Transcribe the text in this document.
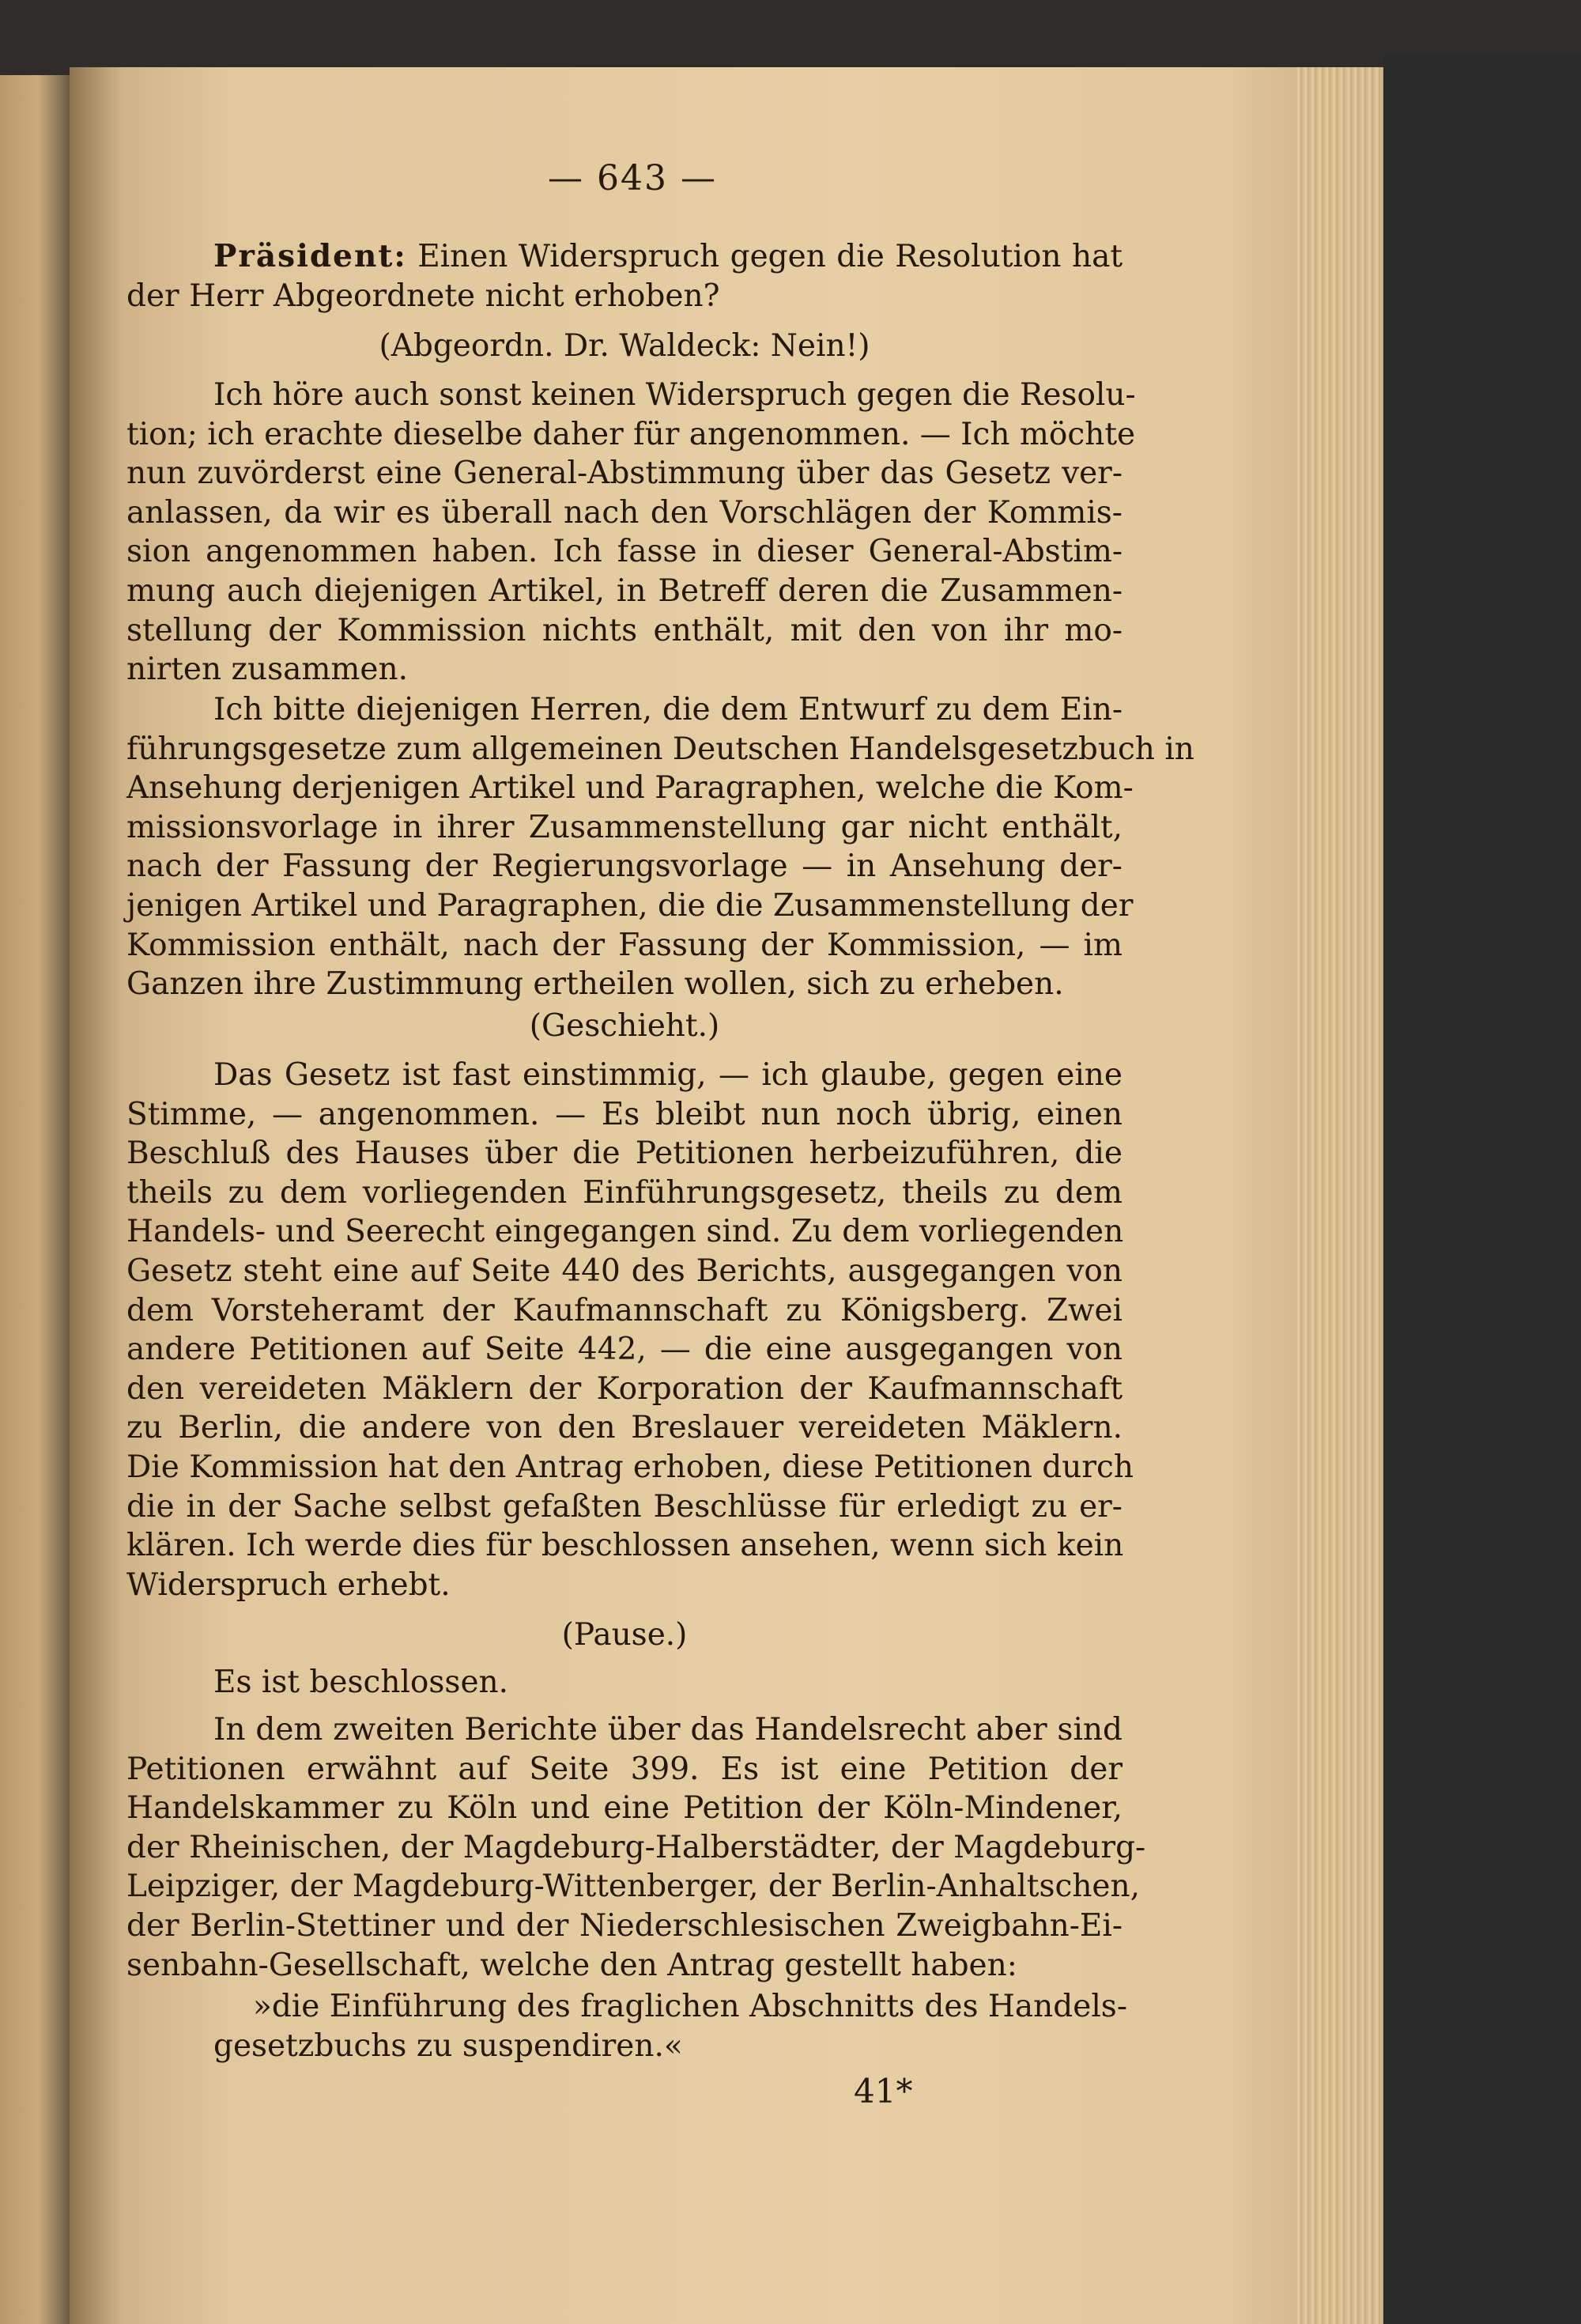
— 643 —
Präsident: Einen Widerspruch gegen die Resolution hat
der Herr Abgeordnete nicht erhoben?
(Abgeordn. Dr. Waldeck: Nein!)
Ich höre auch sonst keinen Widerspruch gegen die Resolu-
tion; ich erachte dieselbe daher für angenommen. — Ich möchte
nun zuvörderst eine General-Abstimmung über das Gesetz ver-
anlassen, da wir es überall nach den Vorschlägen der Kommis-
sion angenommen haben. Ich fasse in dieser General-Abstim-
mung auch diejenigen Artikel, in Betreff deren die Zusammen-
stellung der Kommission nichts enthält, mit den von ihr mo-
nirten zusammen.
Ich bitte diejenigen Herren, die dem Entwurf zu dem Ein-
führungsgesetze zum allgemeinen Deutschen Handelsgesetzbuch in
Ansehung derjenigen Artikel und Paragraphen, welche die Kom-
missionsvorlage in ihrer Zusammenstellung gar nicht enthält,
nach der Fassung der Regierungsvorlage — in Ansehung der-
jenigen Artikel und Paragraphen, die die Zusammenstellung der
Kommission enthält, nach der Fassung der Kommission, — im
Ganzen ihre Zustimmung ertheilen wollen, sich zu erheben.
(Geschieht.)
Das Gesetz ist fast einstimmig, — ich glaube, gegen eine
Stimme, — angenommen. — Es bleibt nun noch übrig, einen
Beschluß des Hauses über die Petitionen herbeizuführen, die
theils zu dem vorliegenden Einführungsgesetz, theils zu dem
Handels- und Seerecht eingegangen sind. Zu dem vorliegenden
Gesetz steht eine auf Seite 440 des Berichts, ausgegangen von
dem Vorsteheramt der Kaufmannschaft zu Königsberg. Zwei
andere Petitionen auf Seite 442, — die eine ausgegangen von
den vereideten Mäklern der Korporation der Kaufmannschaft
zu Berlin, die andere von den Breslauer vereideten Mäklern.
Die Kommission hat den Antrag erhoben, diese Petitionen durch
die in der Sache selbst gefaßten Beschlüsse für erledigt zu er-
klären. Ich werde dies für beschlossen ansehen, wenn sich kein
Widerspruch erhebt.
(Pause.)
Es ist beschlossen.
In dem zweiten Berichte über das Handelsrecht aber sind
Petitionen erwähnt auf Seite 399. Es ist eine Petition der
Handelskammer zu Köln und eine Petition der Köln-Mindener,
der Rheinischen, der Magdeburg-Halberstädter, der Magdeburg-
Leipziger, der Magdeburg-Wittenberger, der Berlin-Anhaltschen,
der Berlin-Stettiner und der Niederschlesischen Zweigbahn-Ei-
senbahn-Gesellschaft, welche den Antrag gestellt haben:
»die Einführung des fraglichen Abschnitts des Handels-
gesetzbuchs zu suspendiren.«
41*
